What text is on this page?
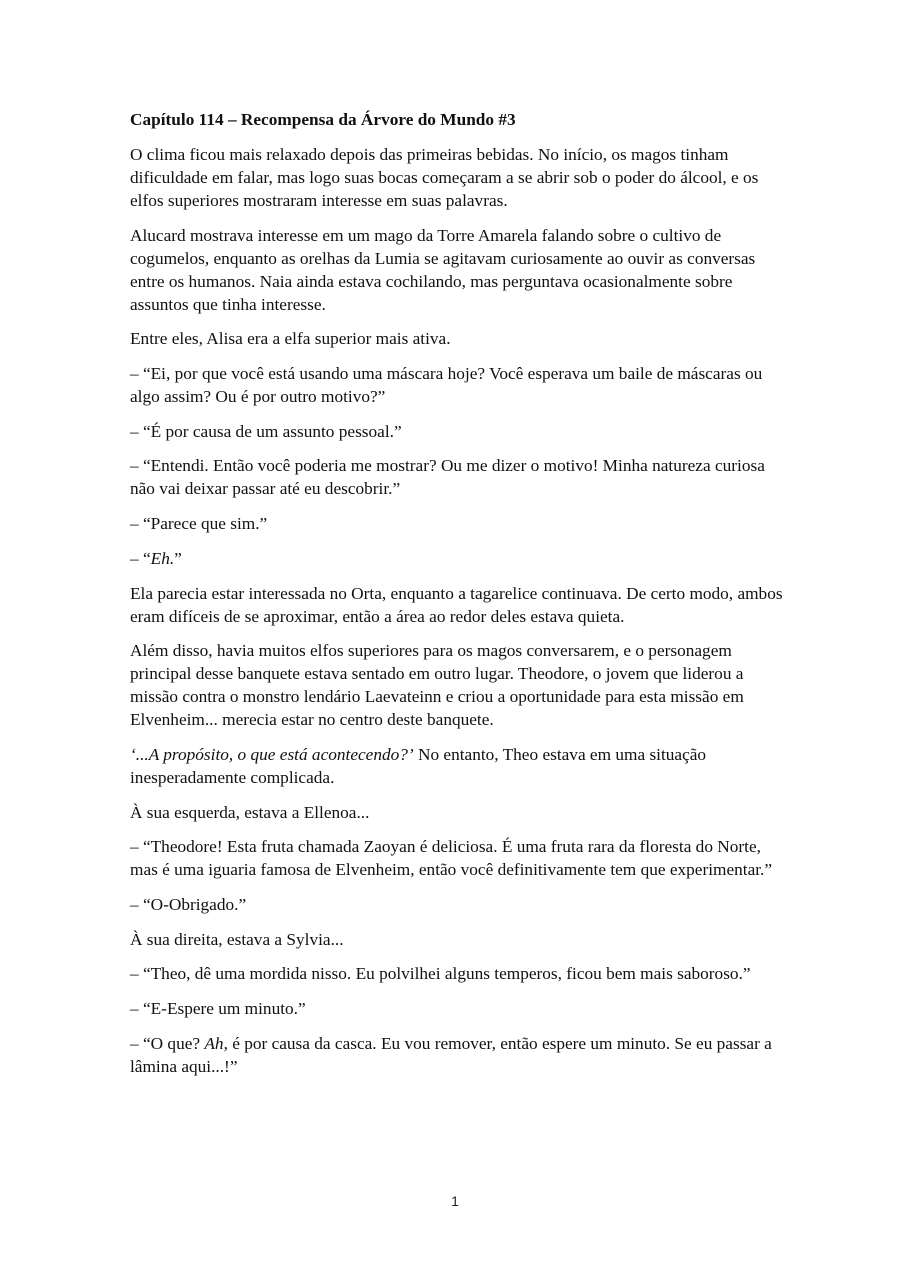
Capítulo 114 – Recompensa da Árvore do Mundo #3

O clima ficou mais relaxado depois das primeiras bebidas. No início, os magos tinham dificuldade em falar, mas logo suas bocas começaram a se abrir sob o poder do álcool, e os elfos superiores mostraram interesse em suas palavras.

Alucard mostrava interesse em um mago da Torre Amarela falando sobre o cultivo de cogumelos, enquanto as orelhas da Lumia se agitavam curiosamente ao ouvir as conversas entre os humanos. Naia ainda estava cochilando, mas perguntava ocasionalmente sobre assuntos que tinha interesse.

Entre eles, Alisa era a elfa superior mais ativa.

– “Ei, por que você está usando uma máscara hoje? Você esperava um baile de máscaras ou algo assim? Ou é por outro motivo?”

– “É por causa de um assunto pessoal.”

– “Entendi. Então você poderia me mostrar? Ou me dizer o motivo! Minha natureza curiosa não vai deixar passar até eu descobrir.”

– “Parece que sim.”

– “Eh.”

Ela parecia estar interessada no Orta, enquanto a tagarelice continuava. De certo modo, ambos eram difíceis de se aproximar, então a área ao redor deles estava quieta.

Além disso, havia muitos elfos superiores para os magos conversarem, e o personagem principal desse banquete estava sentado em outro lugar. Theodore, o jovem que liderou a missão contra o monstro lendário Laevateinn e criou a oportunidade para esta missão em Elvenheim... merecia estar no centro deste banquete.

‘...A propósito, o que está acontecendo?’ No entanto, Theo estava em uma situação inesperadamente complicada.

À sua esquerda, estava a Ellenoa...

– “Theodore! Esta fruta chamada Zaoyan é deliciosa. É uma fruta rara da floresta do Norte, mas é uma iguaria famosa de Elvenheim, então você definitivamente tem que experimentar.”

– “O-Obrigado.”

À sua direita, estava a Sylvia...

– “Theo, dê uma mordida nisso. Eu polvilhei alguns temperos, ficou bem mais saboroso.”

– “E-Espere um minuto.”

– “O que? Ah, é por causa da casca. Eu vou remover, então espere um minuto. Se eu passar a lâmina aqui...!”

1
